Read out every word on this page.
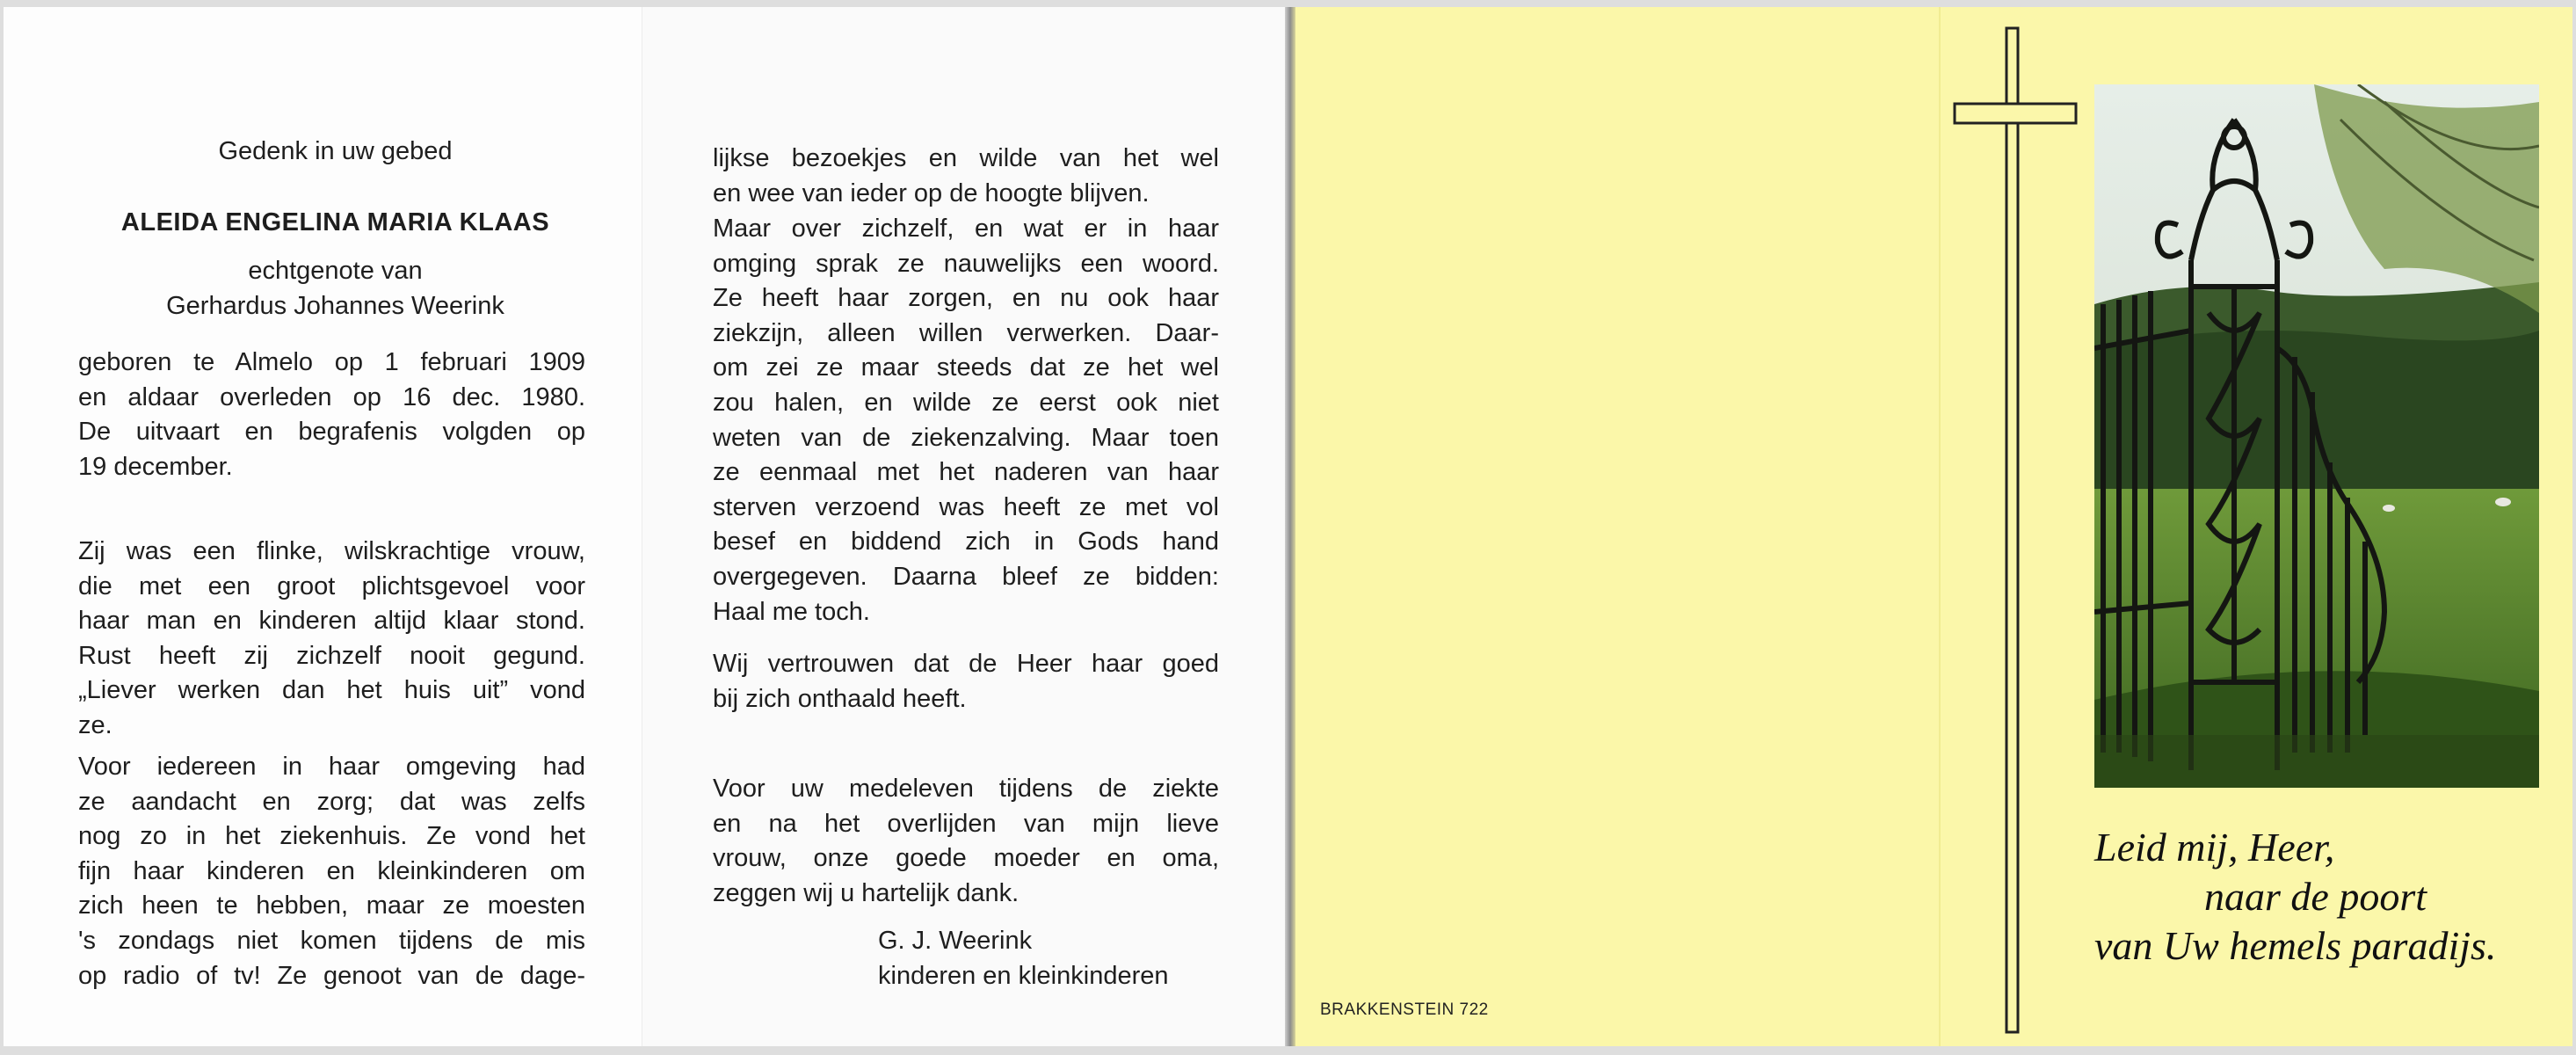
Gedenk in uw gebed
ALEIDA ENGELINA MARIA KLAAS
echtgenote van
Gerhardus Johannes Weerink

geboren te Almelo op 1 februari 1909

en aldaar overleden op 16 dec. 1980.

De uitvaart en begrafenis volgden op

19 december.

Zij was een flinke, wilskrachtige vrouw,

die met een groot plichtsgevoel voor

haar man en kinderen altijd klaar stond.

Rust heeft zij zichzelf nooit gegund.

„Liever werken dan het huis uit” vond

ze.

Voor iedereen in haar omgeving had

ze aandacht en zorg; dat was zelfs

nog zo in het ziekenhuis. Ze vond het

fijn haar kinderen en kleinkinderen om

zich heen te hebben, maar ze moesten

's zondags niet komen tijdens de mis

op radio of tv! Ze genoot van de dage-

lijkse bezoekjes en wilde van het wel

en wee van ieder op de hoogte blijven.

Maar over zichzelf, en wat er in haar

omging sprak ze nauwelijks een woord.

Ze heeft haar zorgen, en nu ook haar

ziekzijn, alleen willen verwerken. Daar-

om zei ze maar steeds dat ze het wel

zou halen, en wilde ze eerst ook niet

weten van de ziekenzalving. Maar toen

ze eenmaal met het naderen van haar

sterven verzoend was heeft ze met vol

besef en biddend zich in Gods hand

overgegeven. Daarna bleef ze bidden:

Haal me toch.

Wij vertrouwen dat de Heer haar goed

bij zich onthaald heeft.

Voor uw medeleven tijdens de ziekte

en na het overlijden van mijn lieve

vrouw, onze goede moeder en oma,

zeggen wij u hartelijk dank.

G. J. Weerink
kinderen en kleinkinderen
BRAKKENSTEIN 722
Leid mij, Heer,
naar de poort
van Uw hemels paradijs.
